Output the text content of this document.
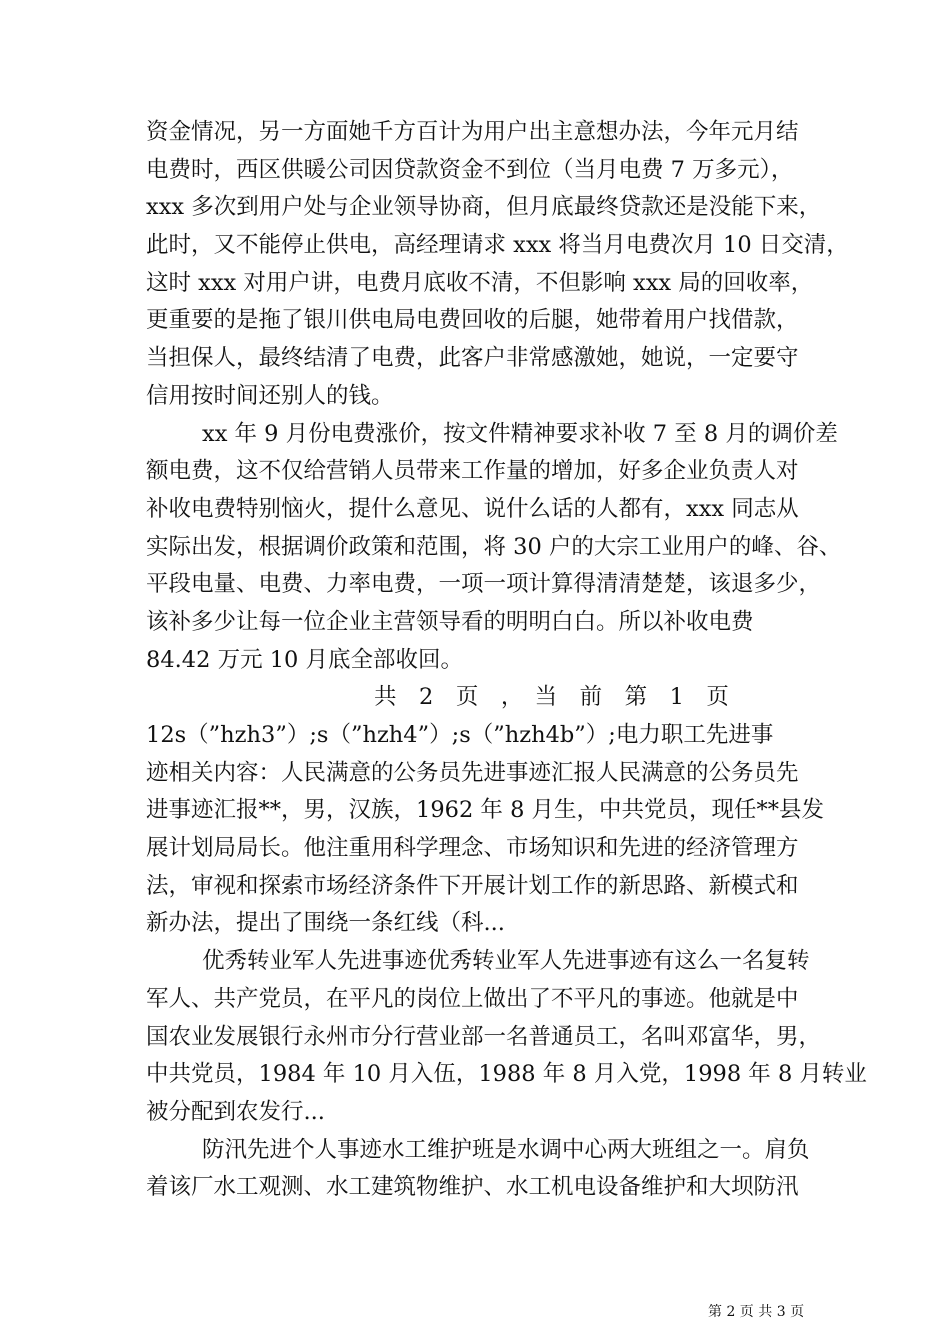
资金情况，另一方面她千方百计为用户出主意想办法，今年元月结
电费时，西区供暖公司因贷款资金不到位（当月电费 7 万多元），
xxx 多次到用户处与企业领导协商，但月底最终贷款还是没能下来，
此时，又不能停止供电，高经理请求 xxx 将当月电费次月 10 日交清，
这时 xxx 对用户讲，电费月底收不清，不但影响 xxx 局的回收率，
更重要的是拖了银川供电局电费回收的后腿，她带着用户找借款，
当担保人，最终结清了电费，此客户非常感激她，她说，一定要守
信用按时间还别人的钱。
xx 年 9 月份电费涨价，按文件精神要求补收 7 至 8 月的调价差
额电费，这不仅给营销人员带来工作量的增加，好多企业负责人对
补收电费特别恼火，提什么意见、说什么话的人都有，xxx 同志从
实际出发，根据调价政策和范围，将 30 户的大宗工业用户的峰、谷、
平段电量、电费、力率电费，一项一项计算得清清楚楚，该退多少，
该补多少让每一位企业主营领导看的明明白白。所以补收电费
84.42 万元 10 月底全部收回。
共　2　页　，　当　前　第　1　页
12s（”hzh3”）;s（”hzh4”）;s（”hzh4b”）;电力职工先进事
迹相关内容：人民满意的公务员先进事迹汇报人民满意的公务员先
进事迹汇报**，男，汉族，1962 年 8 月生，中共党员，现任**县发
展计划局局长。他注重用科学理念、市场知识和先进的经济管理方
法，审视和探索市场经济条件下开展计划工作的新思路、新模式和
新办法，提出了围绕一条红线（科...
优秀转业军人先进事迹优秀转业军人先进事迹有这么一名复转
军人、共产党员，在平凡的岗位上做出了不平凡的事迹。他就是中
国农业发展银行永州市分行营业部一名普通员工，名叫邓富华，男，
中共党员，1984 年 10 月入伍，1988 年 8 月入党，1998 年 8 月转业
被分配到农发行...
防汛先进个人事迹水工维护班是水调中心两大班组之一。肩负
着该厂水工观测、水工建筑物维护、水工机电设备维护和大坝防汛
第 2 页 共 3 页
